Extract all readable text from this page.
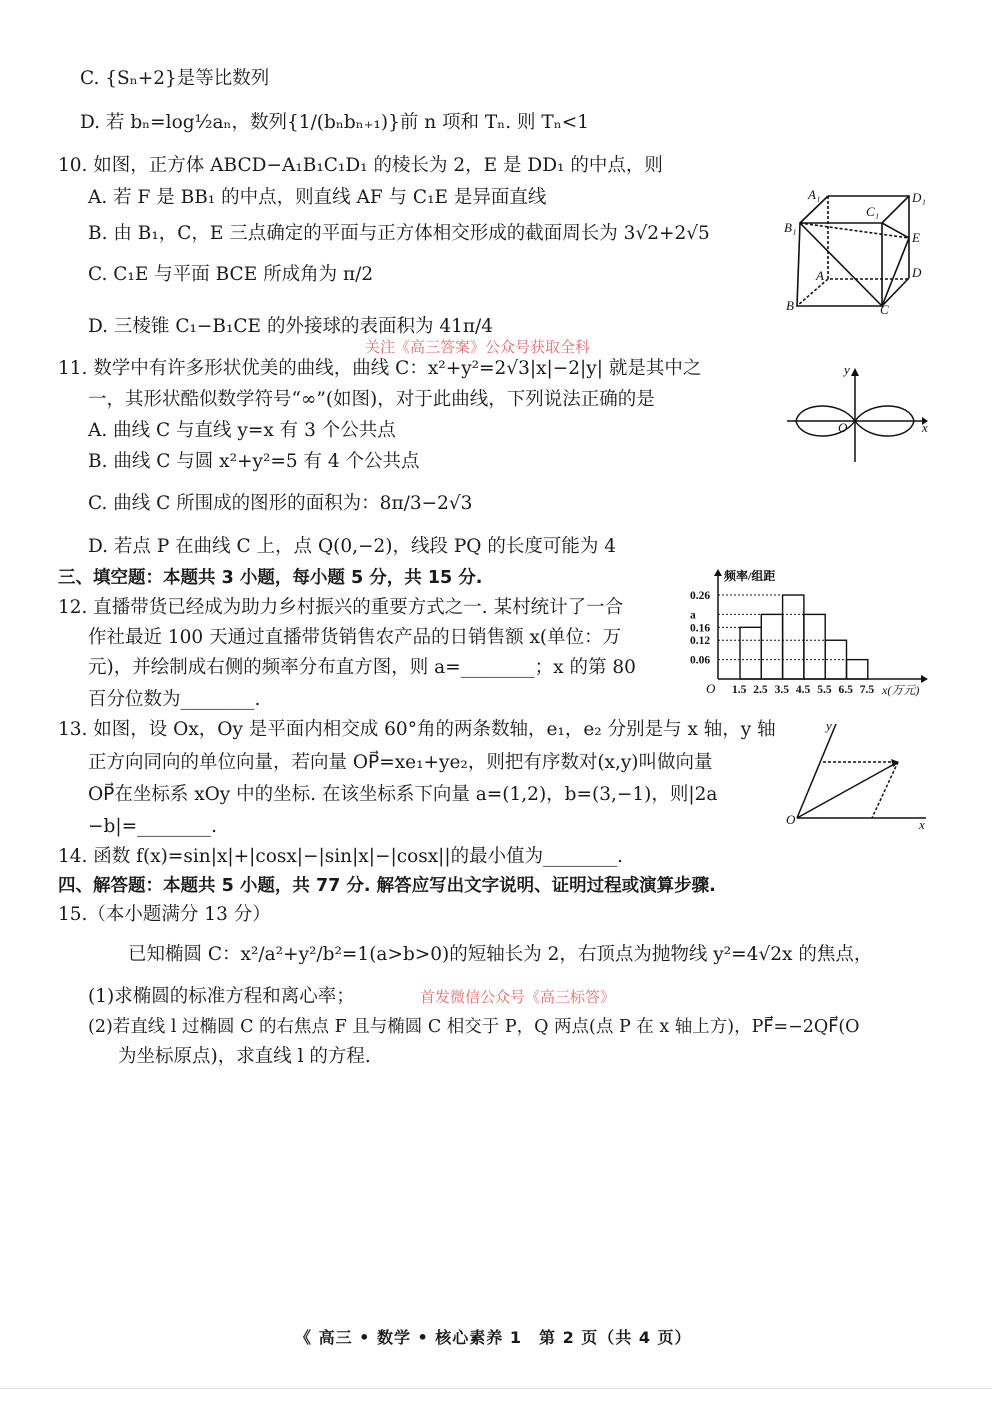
C. {Sₙ+2}是等比数列
D. 若 bₙ=log½aₙ，数列{1/(bₙbₙ₊₁)}前 n 项和 Tₙ. 则 Tₙ<1
10. 如图，正方体 ABCD−A₁B₁C₁D₁ 的棱长为 2，E 是 DD₁ 的中点，则
A. 若 F 是 BB₁ 的中点，则直线 AF 与 C₁E 是异面直线
B. 由 B₁，C，E 三点确定的平面与正方体相交形成的截面周长为 3√2+2√5
C. C₁E 与平面 BCE 所成角为 π/2
D. 三棱锥 C₁−B₁CE 的外接球的表面积为 41π/4
A₁	D₁
C₁
B₁
E
A	D
B	C
关注《高三答案》公众号获取全科
11. 数学中有许多形状优美的曲线，曲线 C：x²+y²=2√3|x|−2|y| 就是其中之
一，其形状酷似数学符号“∞”(如图)，对于此曲线，下列说法正确的是
A. 曲线 C 与直线 y=x 有 3 个公共点
B. 曲线 C 与圆 x²+y²=5 有 4 个公共点
C. 曲线 C 所围成的图形的面积为：8π/3−2√3
D. 若点 P 在曲线 C 上，点 Q(0,−2)，线段 PQ 的长度可能为 4
y
x
O
三、填空题：本题共 3 小题，每小题 5 分，共 15 分.
12. 直播带货已经成为助力乡村振兴的重要方式之一. 某村统计了一合
作社最近 100 天通过直播带货销售农产品的日销售额 x(单位：万
元)，并绘制成右侧的频率分布直方图，则 a=________；x 的第 80
百分位数为________.
频率/组距
x(万元)
O
0.26
a
0.16
0.12
0.06
1.5 2.5 3.5 4.5 5.5 6.5 7.5
13. 如图，设 Ox，Oy 是平面内相交成 60°角的两条数轴，e₁，e₂ 分别是与 x 轴，y 轴
正方向同向的单位向量，若向量 OP⃗=xe₁+ye₂，则把有序数对(x,y)叫做向量
OP⃗在坐标系 xOy 中的坐标. 在该坐标系下向量 a=(1,2)，b=(3,−1)，则|2a
−b|=________.
y
x
O
14. 函数 f(x)=sin|x|+|cosx|−|sin|x|−|cosx||的最小值为________.
四、解答题：本题共 5 小题，共 77 分. 解答应写出文字说明、证明过程或演算步骤.
15.（本小题满分 13 分）
已知椭圆 C：x²/a²+y²/b²=1(a>b>0)的短轴长为 2，右顶点为抛物线 y²=4√2x 的焦点，
(1)求椭圆的标准方程和离心率；	首发微信公众号《高三标答》
(2)若直线 l 过椭圆 C 的右焦点 F 且与椭圆 C 相交于 P，Q 两点(点 P 在 x 轴上方)，PF⃗=−2QF⃗(O
为坐标原点)，求直线 l 的方程.
《 高三 • 数学 • 核心素养 1　第 2 页（共 4 页）
